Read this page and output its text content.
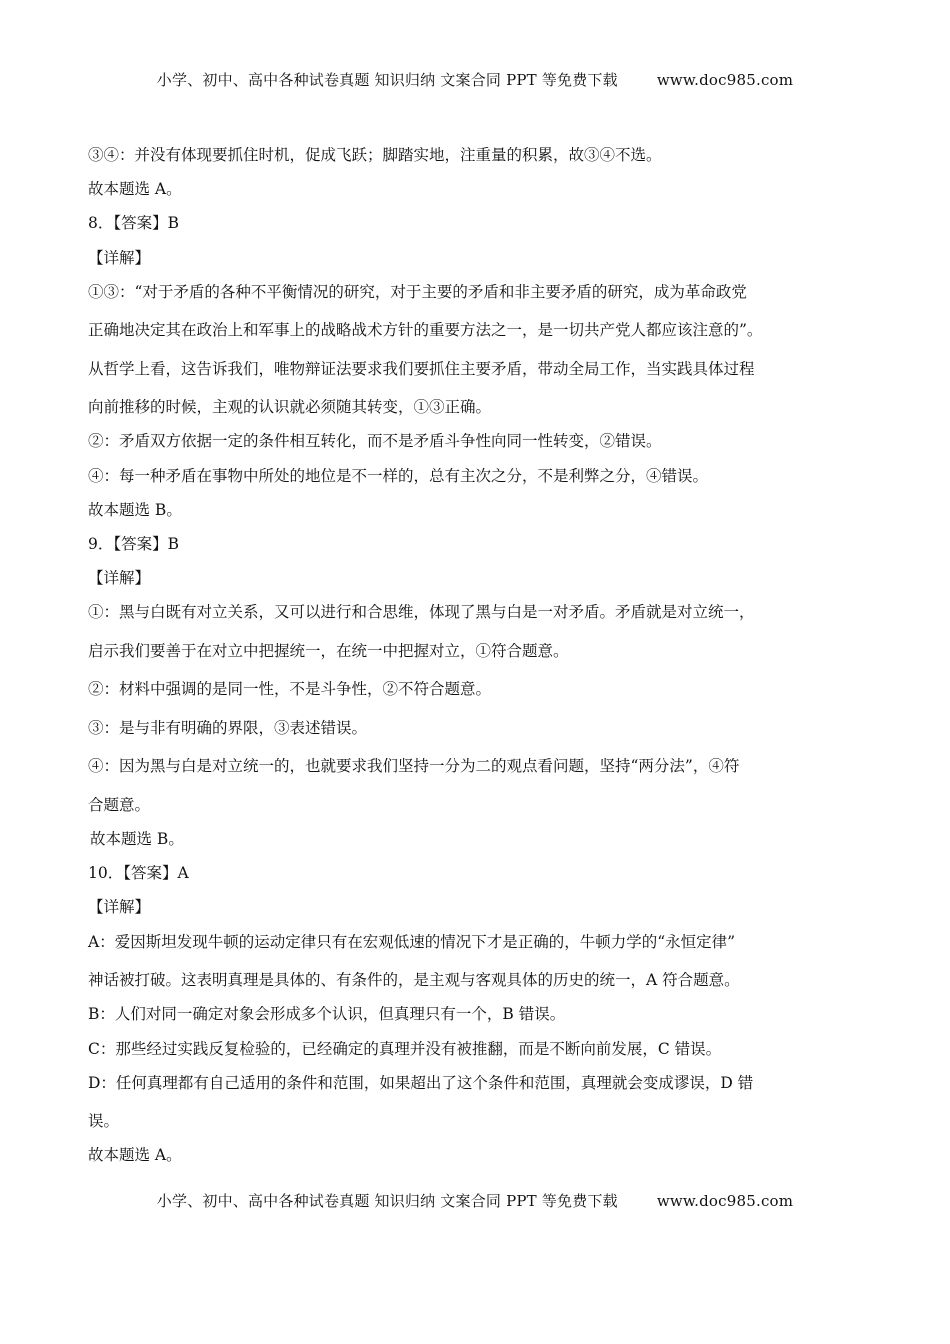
小学、初中、高中各种试卷真题 知识归纳 文案合同 PPT 等免费下载	www.doc985.com

③④：并没有体现要抓住时机，促成飞跃；脚踏实地，注重量的积累，故③④不选。

故本题选 A。

8．【答案】B

【详解】

①③：“对于矛盾的各种不平衡情况的研究，对于主要的矛盾和非主要矛盾的研究，成为革命政党

正确地决定其在政治上和军事上的战略战术方针的重要方法之一，是一切共产党人都应该注意的”。

从哲学上看，这告诉我们，唯物辩证法要求我们要抓住主要矛盾，带动全局工作，当实践具体过程

向前推移的时候，主观的认识就必须随其转变，①③正确。

②：矛盾双方依据一定的条件相互转化，而不是矛盾斗争性向同一性转变，②错误。

④：每一种矛盾在事物中所处的地位是不一样的，总有主次之分，不是利弊之分，④错误。

故本题选 B。

9．【答案】B

【详解】

①：黑与白既有对立关系，又可以进行和合思维，体现了黑与白是一对矛盾。矛盾就是对立统一，

启示我们要善于在对立中把握统一，在统一中把握对立，①符合题意。

②：材料中强调的是同一性，不是斗争性，②不符合题意。

③：是与非有明确的界限，③表述错误。

④：因为黑与白是对立统一的，也就要求我们坚持一分为二的观点看问题，坚持“两分法”，④符

合题意。

故本题选 B。

10．【答案】A

【详解】

A：爱因斯坦发现牛顿的运动定律只有在宏观低速的情况下才是正确的，牛顿力学的“永恒定律”

神话被打破。这表明真理是具体的、有条件的，是主观与客观具体的历史的统一，A 符合题意。

B：人们对同一确定对象会形成多个认识，但真理只有一个，B 错误。

C：那些经过实践反复检验的，已经确定的真理并没有被推翻，而是不断向前发展，C 错误。

D：任何真理都有自己适用的条件和范围，如果超出了这个条件和范围，真理就会变成谬误，D 错

误。

故本题选 A。

小学、初中、高中各种试卷真题 知识归纳 文案合同 PPT 等免费下载	www.doc985.com
